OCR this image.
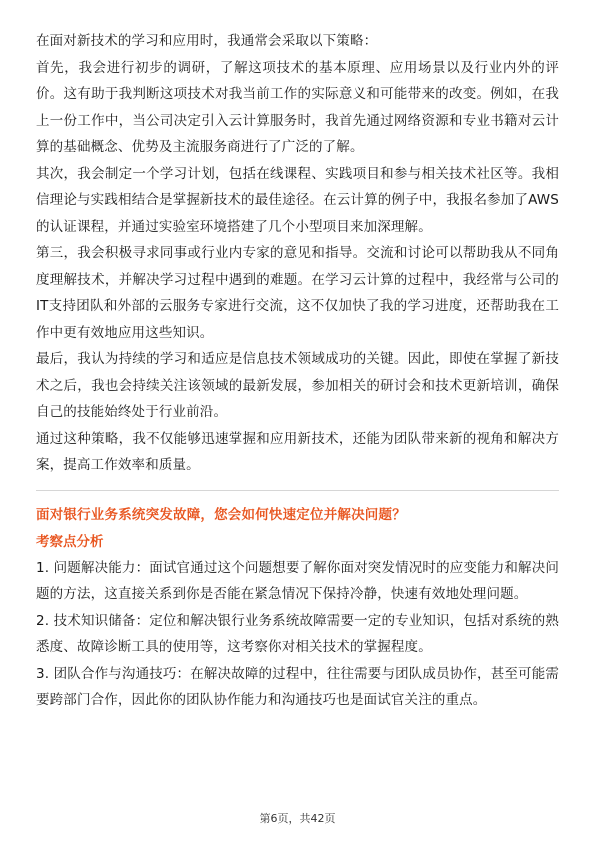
在面对新技术的学习和应用时，我通常会采取以下策略：

首先，我会进行初步的调研，了解这项技术的基本原理、应用场景以及行业内外的评价。这有助于我判断这项技术对我当前工作的实际意义和可能带来的改变。例如，在我上一份工作中，当公司决定引入云计算服务时，我首先通过网络资源和专业书籍对云计算的基础概念、优势及主流服务商进行了广泛的了解。

其次，我会制定一个学习计划，包括在线课程、实践项目和参与相关技术社区等。我相信理论与实践相结合是掌握新技术的最佳途径。在云计算的例子中，我报名参加了AWS的认证课程，并通过实验室环境搭建了几个小型项目来加深理解。

第三，我会积极寻求同事或行业内专家的意见和指导。交流和讨论可以帮助我从不同角度理解技术，并解决学习过程中遇到的难题。在学习云计算的过程中，我经常与公司的IT支持团队和外部的云服务专家进行交流，这不仅加快了我的学习进度，还帮助我在工作中更有效地应用这些知识。

最后，我认为持续的学习和适应是信息技术领域成功的关键。因此，即使在掌握了新技术之后，我也会持续关注该领域的最新发展，参加相关的研讨会和技术更新培训，确保自己的技能始终处于行业前沿。

通过这种策略，我不仅能够迅速掌握和应用新技术，还能为团队带来新的视角和解决方案，提高工作效率和质量。

面对银行业务系统突发故障，您会如何快速定位并解决问题？

考察点分析

1. 问题解决能力：面试官通过这个问题想要了解你面对突发情况时的应变能力和解决问题的方法，这直接关系到你是否能在紧急情况下保持冷静，快速有效地处理问题。

2. 技术知识储备：定位和解决银行业务系统故障需要一定的专业知识，包括对系统的熟悉度、故障诊断工具的使用等，这考察你对相关技术的掌握程度。

3. 团队合作与沟通技巧：在解决故障的过程中，往往需要与团队成员协作，甚至可能需要跨部门合作，因此你的团队协作能力和沟通技巧也是面试官关注的重点。

第6页，共42页
